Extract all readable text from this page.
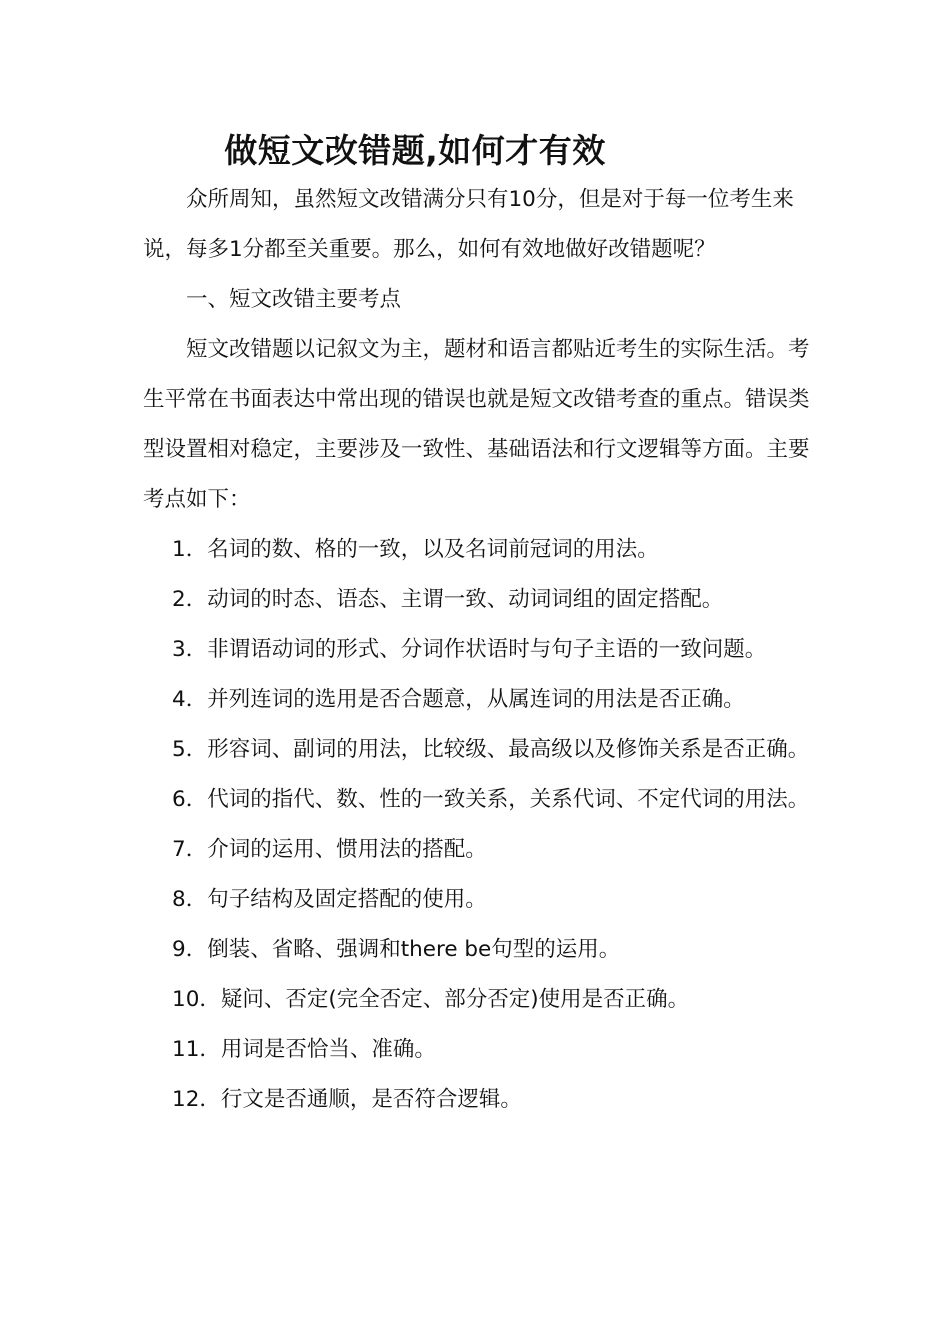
做短文改错题,如何才有效

众所周知，虽然短文改错满分只有10分，但是对于每一位考生来说，每多1分都至关重要。那么，如何有效地做好改错题呢？

一、短文改错主要考点

短文改错题以记叙文为主，题材和语言都贴近考生的实际生活。考生平常在书面表达中常出现的错误也就是短文改错考查的重点。错误类型设置相对稳定，主要涉及一致性、基础语法和行文逻辑等方面。主要考点如下：

1．名词的数、格的一致，以及名词前冠词的用法。

2．动词的时态、语态、主谓一致、动词词组的固定搭配。

3．非谓语动词的形式、分词作状语时与句子主语的一致问题。

4．并列连词的选用是否合题意，从属连词的用法是否正确。

5．形容词、副词的用法，比较级、最高级以及修饰关系是否正确。

6．代词的指代、数、性的一致关系，关系代词、不定代词的用法。

7．介词的运用、惯用法的搭配。

8．句子结构及固定搭配的使用。

9．倒装、省略、强调和there be句型的运用。

10．疑问、否定(完全否定、部分否定)使用是否正确。

11．用词是否恰当、准确。

12．行文是否通顺，是否符合逻辑。
